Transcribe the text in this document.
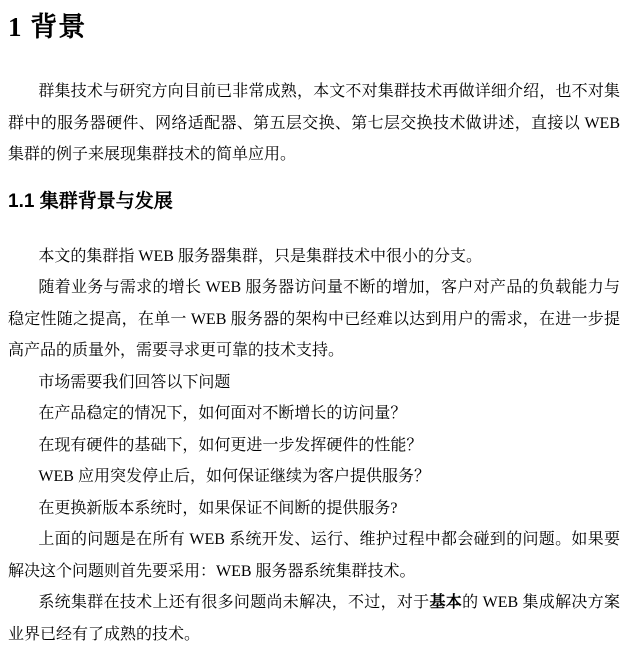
1 背景

群集技术与研究方向目前已非常成熟，本文不对集群技术再做详细介绍，也不对集群中的服务器硬件、网络适配器、第五层交换、第七层交换技术做讲述，直接以 WEB 集群的例子来展现集群技术的简单应用。

1.1 集群背景与发展

本文的集群指 WEB 服务器集群，只是集群技术中很小的分支。

随着业务与需求的增长 WEB 服务器访问量不断的增加，客户对产品的负载能力与稳定性随之提高，在单一 WEB 服务器的架构中已经难以达到用户的需求，在进一步提高产品的质量外，需要寻求更可靠的技术支持。

市场需要我们回答以下问题

在产品稳定的情况下，如何面对不断增长的访问量？

在现有硬件的基础下，如何更进一步发挥硬件的性能？

WEB 应用突发停止后，如何保证继续为客户提供服务？

在更换新版本系统时，如果保证不间断的提供服务?

上面的问题是在所有 WEB 系统开发、运行、维护过程中都会碰到的问题。如果要解决这个问题则首先要采用：WEB 服务器系统集群技术。

系统集群在技术上还有很多问题尚未解决，不过，对于基本的 WEB 集成解决方案业界已经有了成熟的技术。
